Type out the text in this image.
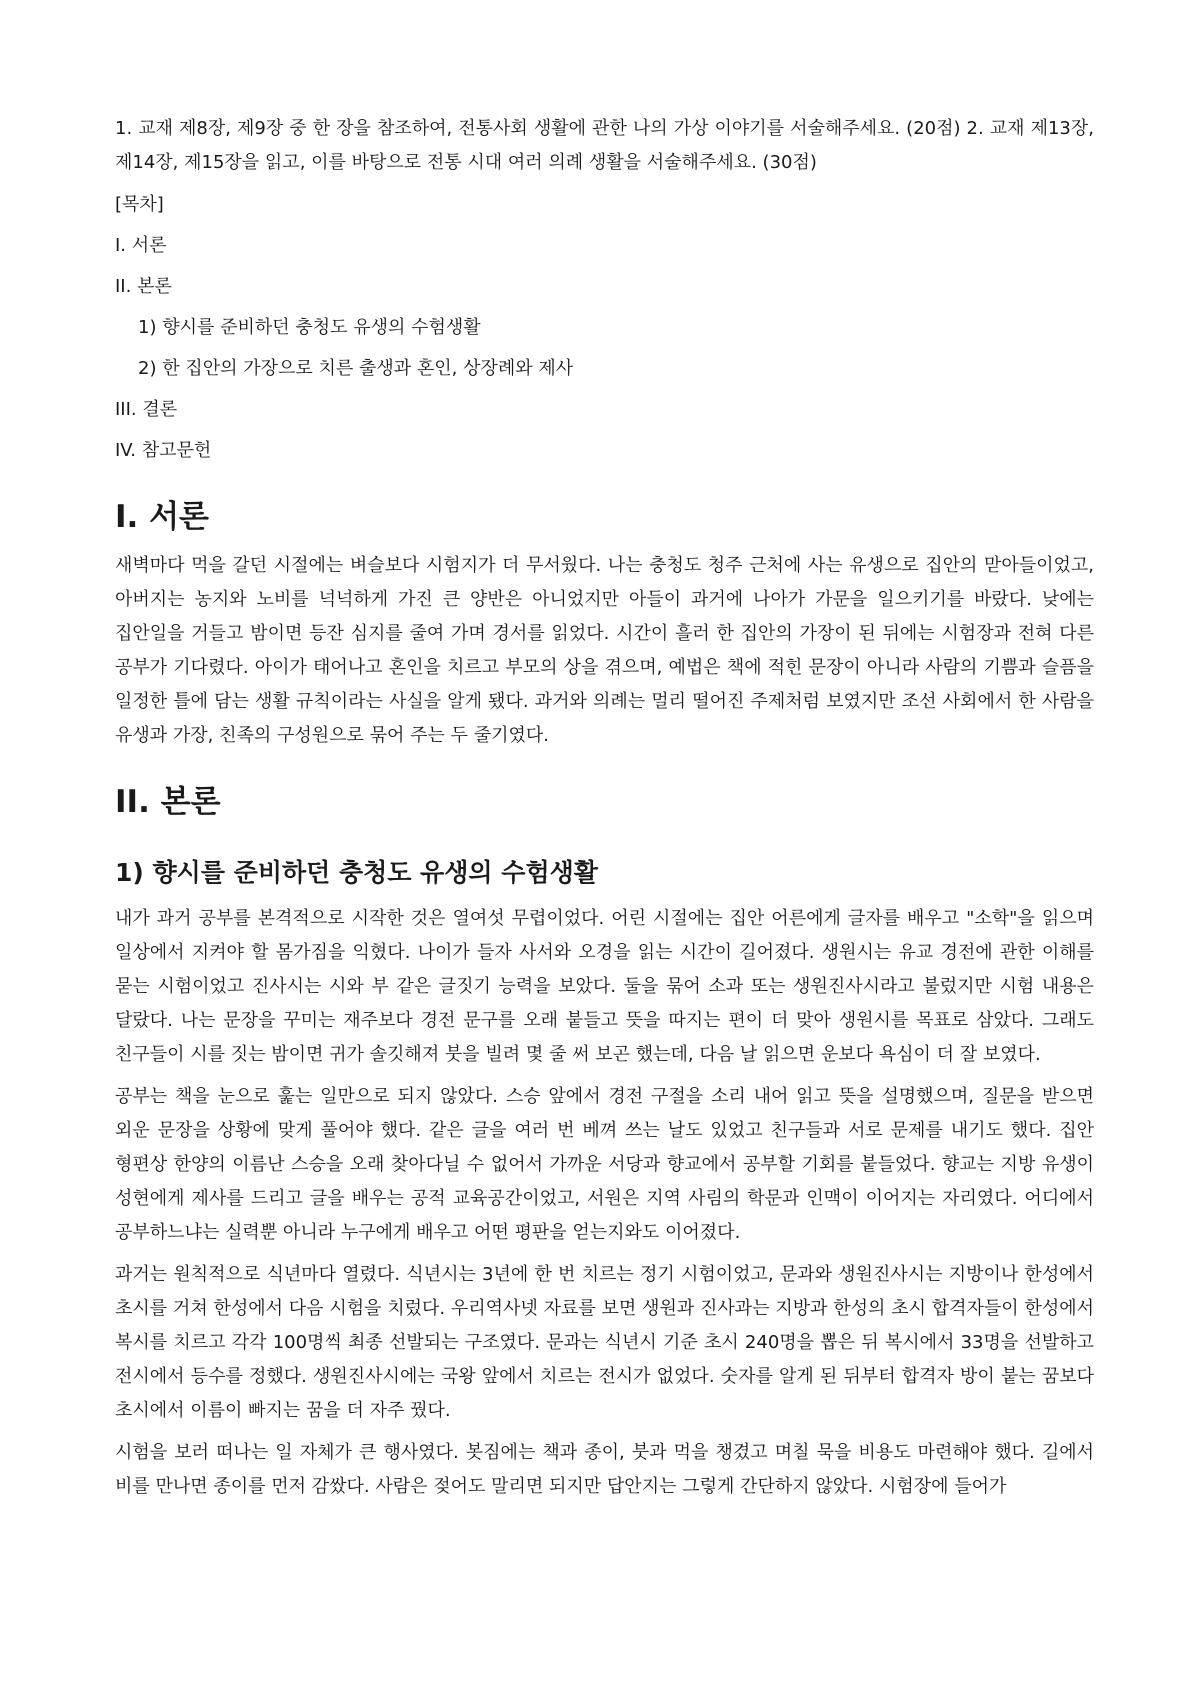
1. 교재 제8장, 제9장 중 한 장을 참조하여, 전통사회 생활에 관한 나의 가상 이야기를 서술해주세요. (20점) 2. 교재 제13장, 제14장, 제15장을 읽고, 이를 바탕으로 전통 시대 여러 의례 생활을 서술해주세요. (30점)

[목차]
I. 서론
II. 본론
1) 향시를 준비하던 충청도 유생의 수험생활
2) 한 집안의 가장으로 치른 출생과 혼인, 상장례와 제사
III. 결론
IV. 참고문헌
I. 서론

새벽마다 먹을 갈던 시절에는 벼슬보다 시험지가 더 무서웠다. 나는 충청도 청주 근처에 사는 유생으로 집안의 맏아들이었고, 아버지는 농지와 노비를 넉넉하게 가진 큰 양반은 아니었지만 아들이 과거에 나아가 가문을 일으키기를 바랐다. 낮에는 집안일을 거들고 밤이면 등잔 심지를 줄여 가며 경서를 읽었다. 시간이 흘러 한 집안의 가장이 된 뒤에는 시험장과 전혀 다른 공부가 기다렸다. 아이가 태어나고 혼인을 치르고 부모의 상을 겪으며, 예법은 책에 적힌 문장이 아니라 사람의 기쁨과 슬픔을 일정한 틀에 담는 생활 규칙이라는 사실을 알게 됐다. 과거와 의례는 멀리 떨어진 주제처럼 보였지만 조선 사회에서 한 사람을 유생과 가장, 친족의 구성원으로 묶어 주는 두 줄기였다.

II. 본론
1) 향시를 준비하던 충청도 유생의 수험생활

내가 과거 공부를 본격적으로 시작한 것은 열여섯 무렵이었다. 어린 시절에는 집안 어른에게 글자를 배우고 "소학"을 읽으며 일상에서 지켜야 할 몸가짐을 익혔다. 나이가 들자 사서와 오경을 읽는 시간이 길어졌다. 생원시는 유교 경전에 관한 이해를 묻는 시험이었고 진사시는 시와 부 같은 글짓기 능력을 보았다. 둘을 묶어 소과 또는 생원진사시라고 불렀지만 시험 내용은 달랐다. 나는 문장을 꾸미는 재주보다 경전 문구를 오래 붙들고 뜻을 따지는 편이 더 맞아 생원시를 목표로 삼았다. 그래도 친구들이 시를 짓는 밤이면 귀가 솔깃해져 붓을 빌려 몇 줄 써 보곤 했는데, 다음 날 읽으면 운보다 욕심이 더 잘 보였다.

공부는 책을 눈으로 훑는 일만으로 되지 않았다. 스승 앞에서 경전 구절을 소리 내어 읽고 뜻을 설명했으며, 질문을 받으면 외운 문장을 상황에 맞게 풀어야 했다. 같은 글을 여러 번 베껴 쓰는 날도 있었고 친구들과 서로 문제를 내기도 했다. 집안 형편상 한양의 이름난 스승을 오래 찾아다닐 수 없어서 가까운 서당과 향교에서 공부할 기회를 붙들었다. 향교는 지방 유생이 성현에게 제사를 드리고 글을 배우는 공적 교육공간이었고, 서원은 지역 사림의 학문과 인맥이 이어지는 자리였다. 어디에서 공부하느냐는 실력뿐 아니라 누구에게 배우고 어떤 평판을 얻는지와도 이어졌다.

과거는 원칙적으로 식년마다 열렸다. 식년시는 3년에 한 번 치르는 정기 시험이었고, 문과와 생원진사시는 지방이나 한성에서 초시를 거쳐 한성에서 다음 시험을 치렀다. 우리역사넷 자료를 보면 생원과 진사과는 지방과 한성의 초시 합격자들이 한성에서 복시를 치르고 각각 100명씩 최종 선발되는 구조였다. 문과는 식년시 기준 초시 240명을 뽑은 뒤 복시에서 33명을 선발하고 전시에서 등수를 정했다. 생원진사시에는 국왕 앞에서 치르는 전시가 없었다. 숫자를 알게 된 뒤부터 합격자 방이 붙는 꿈보다 초시에서 이름이 빠지는 꿈을 더 자주 꿨다.

시험을 보러 떠나는 일 자체가 큰 행사였다. 봇짐에는 책과 종이, 붓과 먹을 챙겼고 며칠 묵을 비용도 마련해야 했다. 길에서 비를 만나면 종이를 먼저 감쌌다. 사람은 젖어도 말리면 되지만 답안지는 그렇게 간단하지 않았다. 시험장에 들어가
